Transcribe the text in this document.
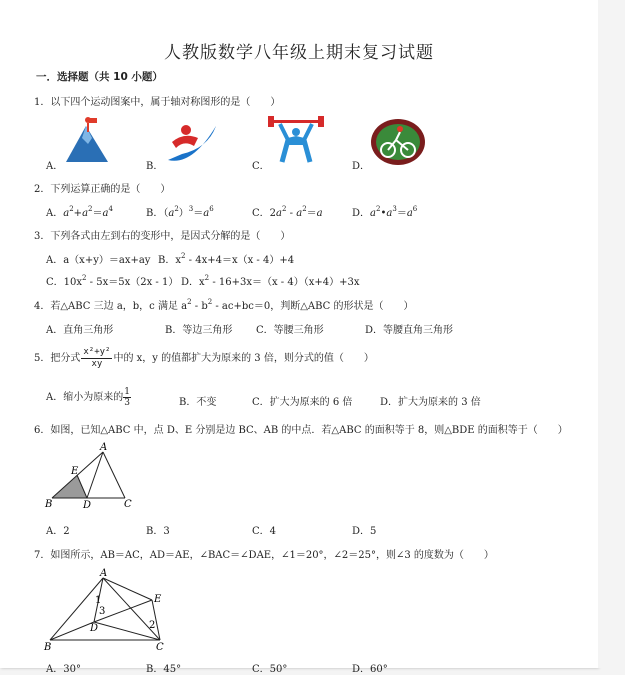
人教版数学八年级上期末复习试题
一．选择题（共 10 小题）
1．以下四个运动图案中，属于轴对称图形的是（　　）
A．	B．	C．	D．
2．下列运算正确的是（　　）
A．$a^2+a^2=a^4$	B．$(a^2)^3=a^6$	C．$2a^2 - a^2=a$	D．$a^2•a^3=a^6$
3．下列各式由左到右的变形中，是因式分解的是（　　）
A．a（x+y）＝ax+ay B．$x^2 - 4x+4=x(x - 4)+4$
C．$10x^2 - 5x=5x(2x - 1)$ D．$x^2 - 16+3x=(x - 4)(x+4)+3x$
4．若△ABC 三边 a，b，c 满足 $a^2 - b^2 - ac+bc=0$，判断△ABC 的形状是（　　）
A．直角三角形	B．等边三角形 C．等腰三角形	D．等腰直角三角形
5．把分式 $\frac{\text{x²+y²}}{xy}$ 中的 x，y 的值都扩大为原来的 3 倍，则分式的值（　　）
A．缩小为原来的 $\frac{1}{3}$	B．不变	C．扩大为原来的 6 倍	D．扩大为原来的 3 倍
6．如图，已知△ABC 中，点 D、E 分别是边 BC、AB 的中点．若△ABC 的面积等于 8，则△BDE 的面积等于（　　）
A
B	C
D
E
A．2	B．3	C．4	D．5
7．如图所示，AB＝AC，AD＝AE，∠BAC＝∠DAE，∠1＝20°，∠2＝25°，则∠3 的度数为（　　）
A
B	C
D
E
1
2
3
A．30°	B．45°	C．50°	D．60°
